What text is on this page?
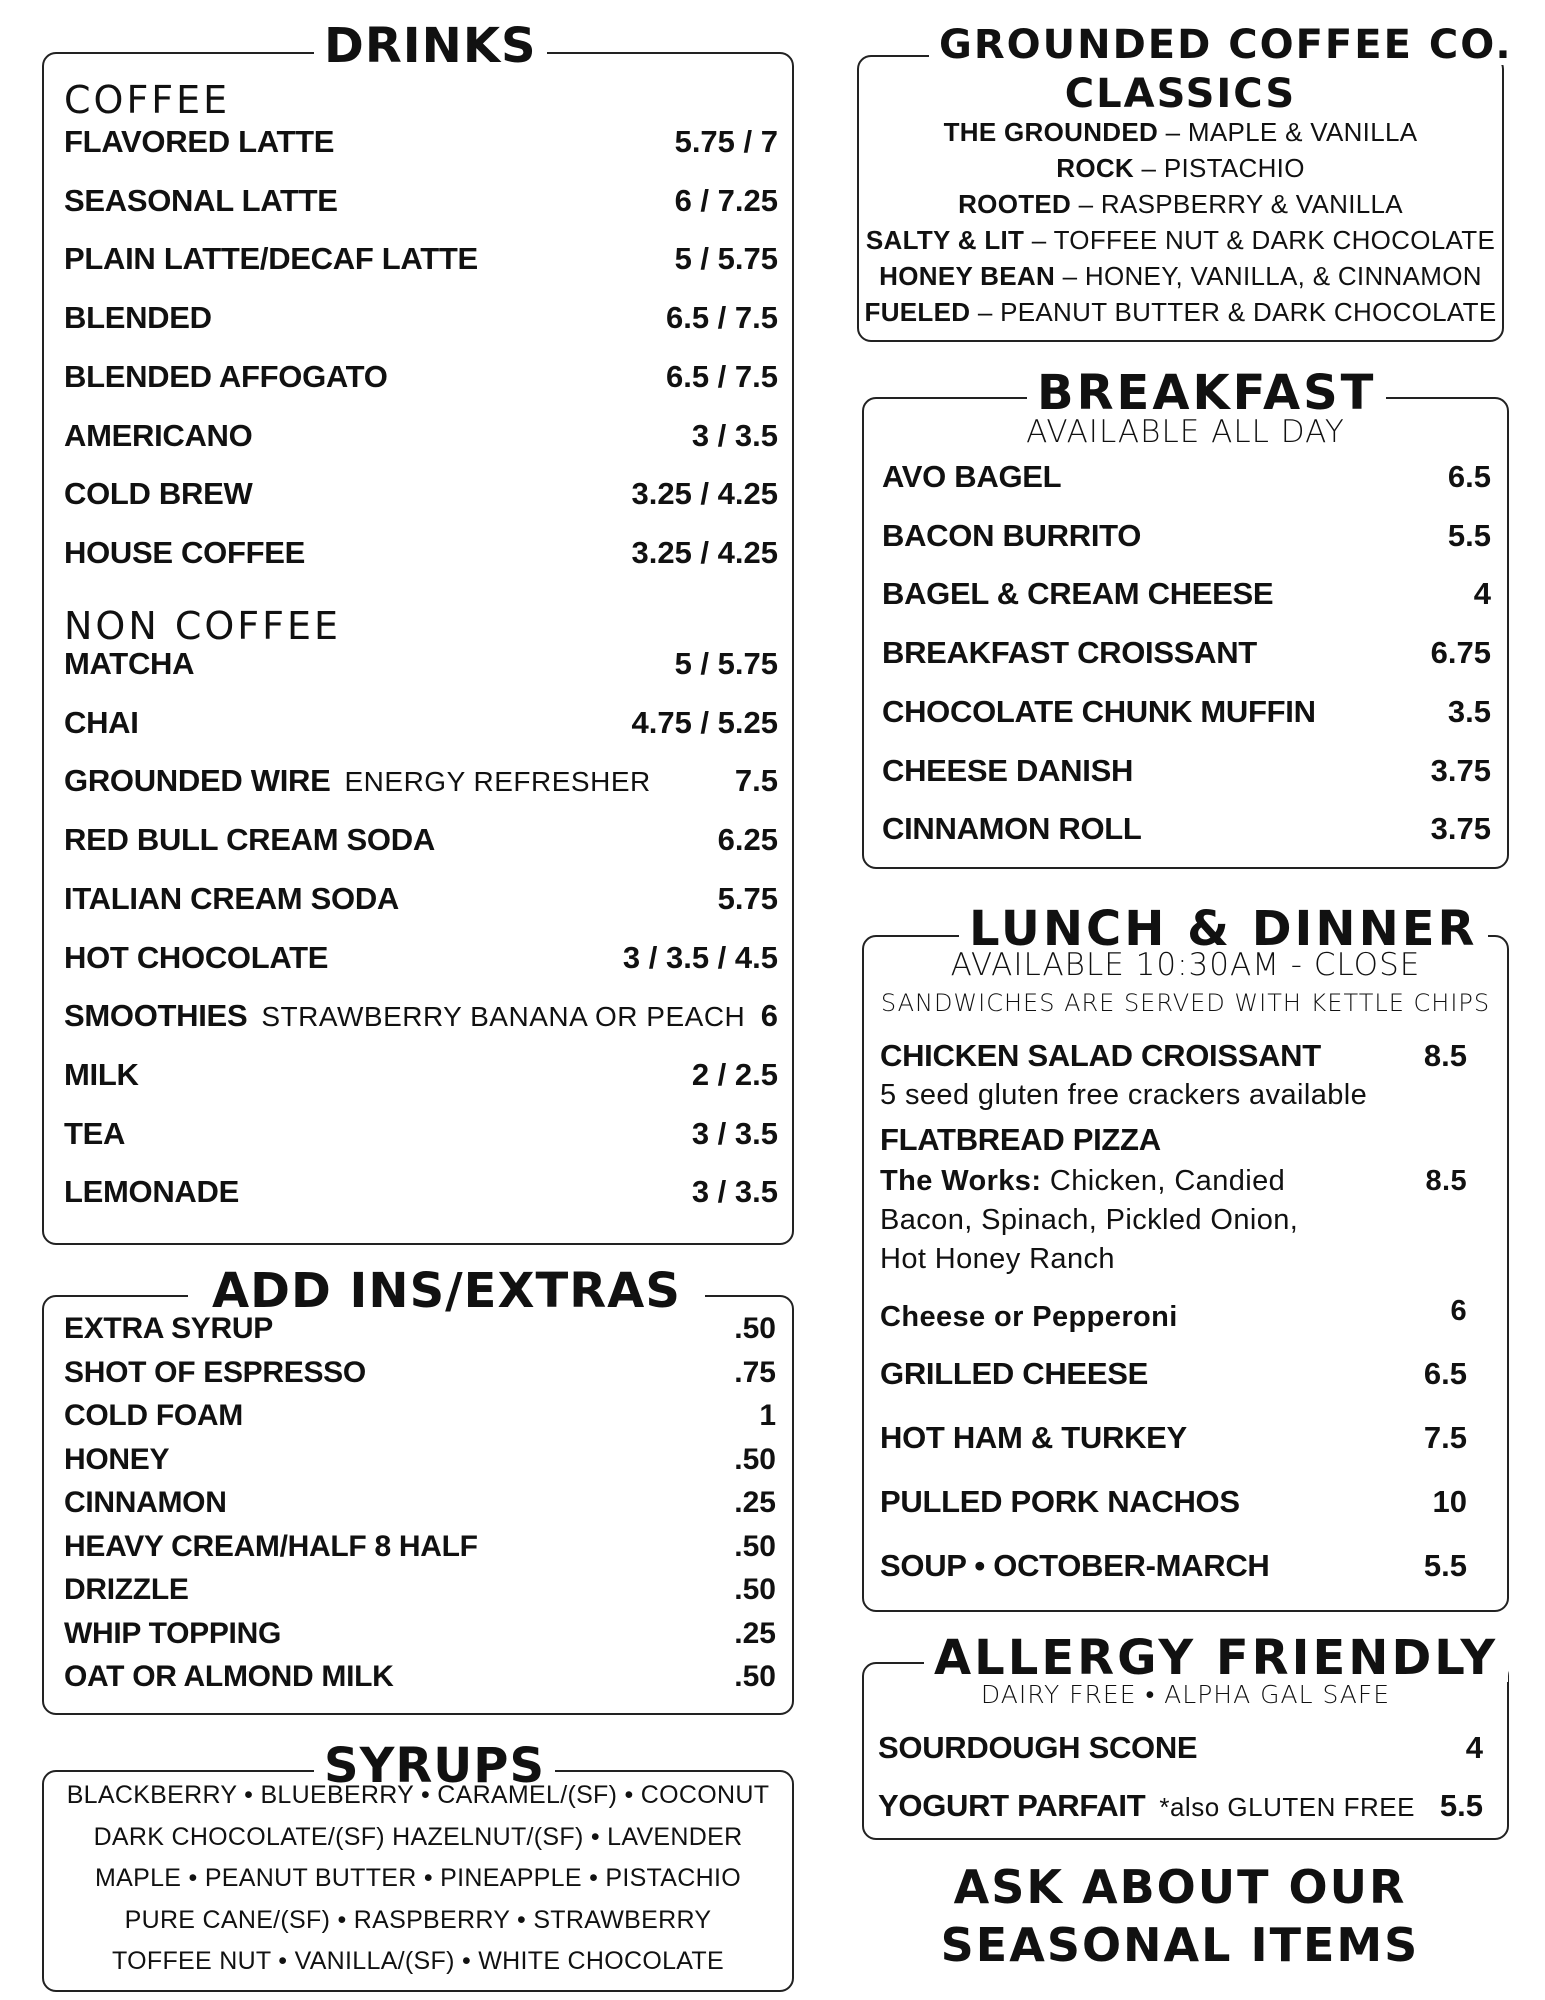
DRINKS
COFFEE
NON COFFEE
FLAVORED LATTE	5.75 / 7
SEASONAL LATTE	6 / 7.25
PLAIN LATTE/DECAF LATTE	5 / 5.75
BLENDED	6.5 / 7.5
BLENDED AFFOGATO	6.5 / 7.5
AMERICANO	3 / 3.5
COLD BREW	3.25 / 4.25
HOUSE COFFEE	3.25 / 4.25
MATCHA	5 / 5.75
CHAI	4.75 / 5.25
GROUNDED WIRE ENERGY REFRESHER	7.5
RED BULL CREAM SODA	6.25
ITALIAN CREAM SODA	5.75
HOT CHOCOLATE	3 / 3.5 / 4.5
SMOOTHIES STRAWBERRY BANANA OR PEACH 6
MILK	2 / 2.5
TEA	3 / 3.5
LEMONADE	3 / 3.5
ADD INS/EXTRAS
EXTRA SYRUP	.50
SHOT OF ESPRESSO	.75
COLD FOAM	1
HONEY	.50
CINNAMON	.25
HEAVY CREAM/HALF 8 HALF	.50
DRIZZLE	.50
WHIP TOPPING	.25
OAT OR ALMOND MILK	.50
SYRUPS
BLACKBERRY • BLUEBERRY • CARAMEL/(SF) • COCONUT
DARK CHOCOLATE/(SF) HAZELNUT/(SF) • LAVENDER
MAPLE • PEANUT BUTTER • PINEAPPLE • PISTACHIO
PURE CANE/(SF) • RASPBERRY • STRAWBERRY
TOFFEE NUT • VANILLA/(SF) • WHITE CHOCOLATE
GROUNDED COFFEE CO.
CLASSICS
THE GROUNDED – MAPLE & VANILLA
ROCK – PISTACHIO
ROOTED – RASPBERRY & VANILLA
SALTY & LIT – TOFFEE NUT & DARK CHOCOLATE
HONEY BEAN – HONEY, VANILLA, & CINNAMON
FUELED – PEANUT BUTTER & DARK CHOCOLATE
BREAKFAST
AVAILABLE ALL DAY
AVO BAGEL	6.5
BACON BURRITO	5.5
BAGEL & CREAM CHEESE	4
BREAKFAST CROISSANT	6.75
CHOCOLATE CHUNK MUFFIN	3.5
CHEESE DANISH	3.75
CINNAMON ROLL	3.75
LUNCH & DINNER
AVAILABLE 10:30AM - CLOSE
SANDWICHES ARE SERVED WITH KETTLE CHIPS
CHICKEN SALAD CROISSANT	8.5
5 seed gluten free crackers available
FLATBREAD PIZZA
The Works: Chicken, Candied	8.5
Bacon, Spinach, Pickled Onion,
Hot Honey Ranch
Cheese or Pepperoni	6
GRILLED CHEESE	6.5
HOT HAM & TURKEY	7.5
PULLED PORK NACHOS	10
SOUP • OCTOBER-MARCH	5.5
ALLERGY FRIENDLY
DAIRY FREE • ALPHA GAL SAFE
SOURDOUGH SCONE	4
YOGURT PARFAIT *also GLUTEN FREE 5.5
ASK ABOUT OUR
SEASONAL ITEMS
